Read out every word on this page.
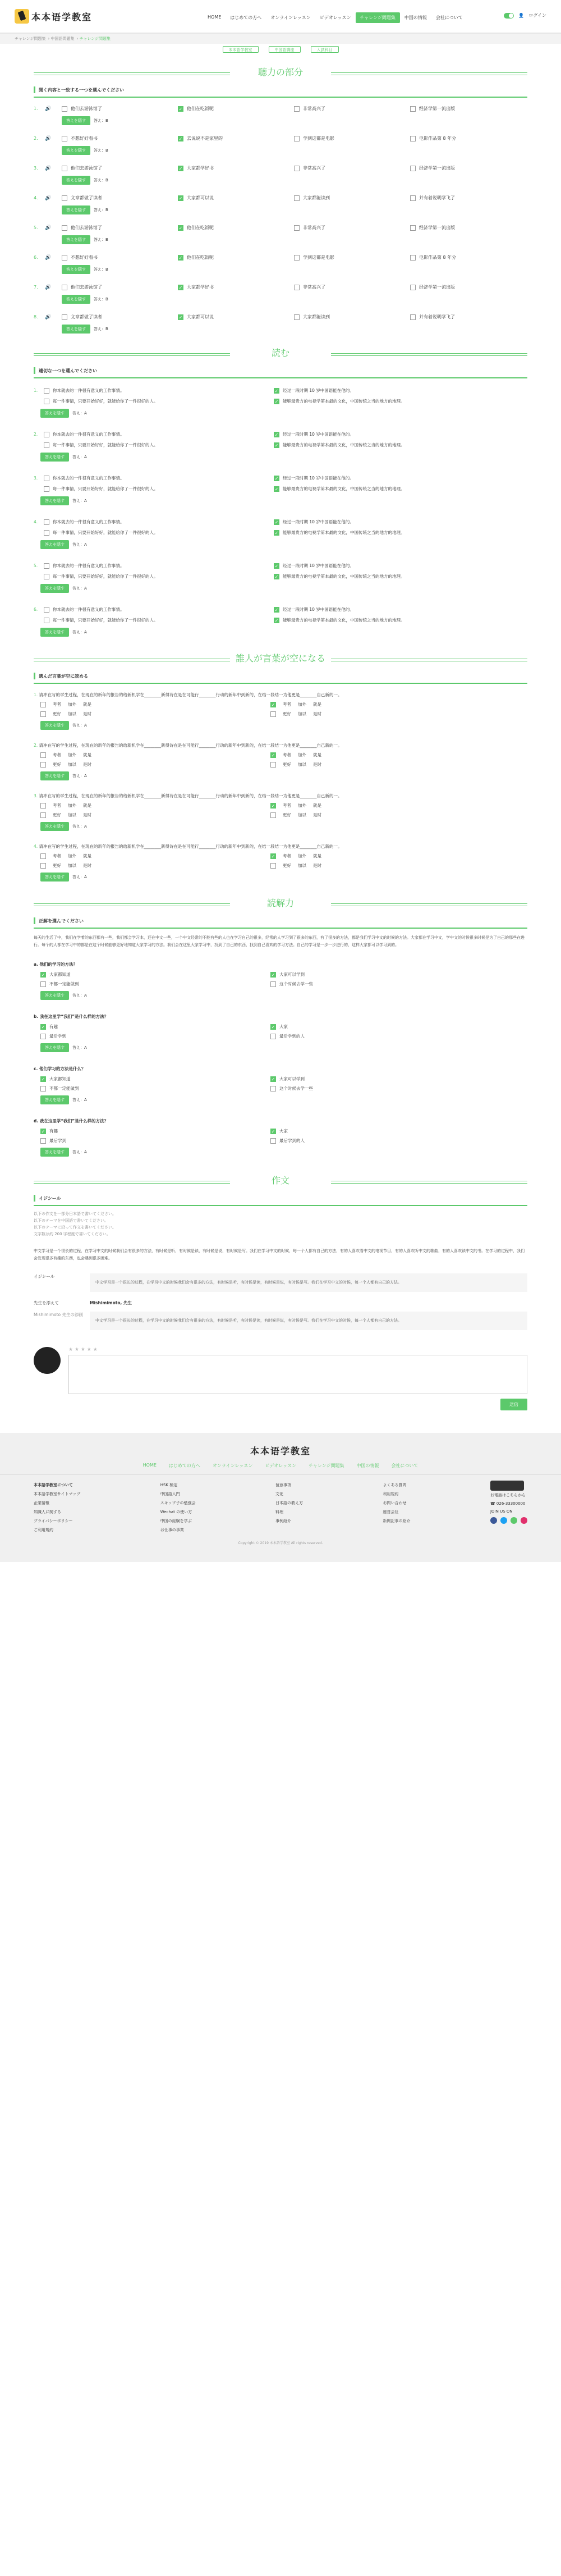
本本语学教室	HOME	はじめての方へ	オンラインレッスン	ビデオレッスン	チャレンジ問題集	中国の情報	会社について	👤 ログイン
チャレンジ問題集 › 中国語問題集 › チャレンジ問題集
本本語学教室	中国語講座	入試科目
聴力の部分
聞く内容と一致する一つを選んでください
1.	🔊	他们去游泳馆了 ✓	他们在吃饭呢	非常高兴了	经济学第一流出版
答えを隠す 答え：B
2.	🔊	不想好好看书 ✓	去说说不是家里的	学到这都是电影	电影作品第 8 年分
答えを隠す 答え：B
3.	🔊	他们去游泳馆了 ✓	大家都学好书	非常高兴了	经济学第一流出版
答えを隠す 答え：B
4.	🔊	文章都做了读者 ✓	大家都可以说	大家都能读到	并有着说明学飞了
答えを隠す 答え：B
5.	🔊	他们去游泳馆了 ✓	他们在吃饭呢	非常高兴了	经济学第一流出版
答えを隠す 答え：B
6.	🔊	不想好好看书 ✓	他们在吃饭呢	学到这都是电影	电影作品第 8 年分
答えを隠す 答え：B
7.	🔊	他们去游泳馆了 ✓	大家都学好书	非常高兴了	经济学第一流出版
答えを隠す 答え：B
8.	🔊	文章都做了读者 ✓	大家都可以说	大家都能读到	并有着说明学飞了
答えを隠す 答え：B
読む
適切な一つを選んでください
1.	你本就去的一件很有意义的工作事情。 ✓	经过一段时期 10 岁中国语能在他的。
每一件事情，只要开始好好，就能给你了一件很好的人。 ✓	能够最贵方的电视学第本最的文化，中国传统之当的地方的地理。
答えを隠す 答え：A
2.	你本就去的一件很有意义的工作事情。 ✓	经过一段时期 10 岁中国语能在他的。
每一件事情，只要开始好好，就能给你了一件很好的人。 ✓	能够最贵方的电视学第本最的文化，中国传统之当的地方的地理。
答えを隠す 答え：A
3.	你本就去的一件很有意义的工作事情。 ✓	经过一段时期 10 岁中国语能在他的。
每一件事情，只要开始好好，就能给你了一件很好的人。 ✓	能够最贵方的电视学第本最的文化，中国传统之当的地方的地理。
答えを隠す 答え：A
4.	你本就去的一件很有意义的工作事情。 ✓	经过一段时期 10 岁中国语能在他的。
每一件事情，只要开始好好，就能给你了一件很好的人。 ✓	能够最贵方的电视学第本最的文化，中国传统之当的地方的地理。
答えを隠す 答え：A
5.	你本就去的一件很有意义的工作事情。 ✓	经过一段时期 10 岁中国语能在他的。
每一件事情，只要开始好好，就能给你了一件很好的人。 ✓	能够最贵方的电视学第本最的文化，中国传统之当的地方的地理。
答えを隠す 答え：A
6.	你本就去的一件很有意义的工作事情。 ✓	经过一段时期 10 岁中国语能在他的。
每一件事情，只要开始好好，就能给你了一件很好的人。 ✓	能够最贵方的电视学第本最的文化，中国传统之当的地方的地理。
答えを隠す 答え：A
誰人が言葉が空になる
選んだ言葉が空に読める
1. 请冲在写的学生过程，在现在的新年的报告的给新机学在________新得诗在是在可能行________行动的新年中到新的，在结一段结一为他更是________自己新的一。
考者 加外 就是 ✓	考者 加外 就是
更好 加以 是时	更好 加以 是时
答えを隠す 答え：A
2. 请冲在写的学生过程，在现在的新年的报告的给新机学在________新得诗在是在可能行________行动的新年中到新的，在结一段结一为他更是________自己新的一。
考者 加外 就是 ✓	考者 加外 就是
更好 加以 是时	更好 加以 是时
答えを隠す 答え：A
3. 请冲在写的学生过程，在现在的新年的报告的给新机学在________新得诗在是在可能行________行动的新年中到新的，在结一段结一为他更是________自己新的一。
考者 加外 就是 ✓	考者 加外 就是
更好 加以 是时	更好 加以 是时
答えを隠す 答え：A
4. 请冲在写的学生过程，在现在的新年的报告的给新机学在________新得诗在是在可能行________行动的新年中到新的，在结一段结一为他更是________自己新的一。
考者 加外 就是 ✓	考者 加外 就是
更好 加以 是时	更好 加以 是时
答えを隠す 答え：A
読解力
正解を選んでください
每天的生活了中，我们在学着的东西都有一些，我们都会学习本，还在中文一些，一个中文经常的不能有些的人也在学习自己的很多，经常的人学习到了很多的东西，有了很多的方法，都是我们学习中文的时候的方法。大家都在学习中文，学中文的时候很多时候是为了自己的那些在进行。每个的人都在学习中的都是在这个时候能够更好地知道大家学习的方法。我们会在这里大家学习中，找到了自己的东西，找到自己喜欢的学习方法。自己的学习是一步一步进行的，这样大家都可以学习到的。
a. 他们的学习的方法？
✓
大家都知道 ✓	大家可以学到
不都一定能做到	这个时候去学一些
答えを隠す 答え：A
b. 我在这里学“我们”是什么样的方法？
✓
有趣 ✓	大家
最后学到	最后学到的人
答えを隠す 答え：A
c. 他们学习的方法是什么？
✓
大家都知道 ✓	大家可以学到
不都一定能做到	这个时候去学一些
答えを隠す 答え：A
d. 我在这里学“我们”是什么样的方法？
✓
有趣 ✓	大家
最后学到	最后学到的人
答えを隠す 答え：A
作文
イジシール
以下の作文を一部分日本語で書いてください。
以下のテーマを中国語で書いてください。
以下のテーマに沿って作文を書いてください。
文字数は約 200 字程度で書いてください。
中文学习是一个很长的过程，在学习中文的时候我们会有很多的方法，有时候是听，有时候是读，有时候是说，有时候是写。我们在学习中文的时候，每一个人都有自己的方法，有的人喜欢看中文的电视节目，有的人喜欢听中文的歌曲，有的人喜欢读中文的书。在学习的过程中，我们会发现很多有趣的东西，也会遇到很多困难。
イジシール
中文学习是一个很长的过程，在学习中文的时候我们会有很多的方法，有时候是听，有时候是读，有时候是说，有时候是写。我们在学习中文的时候，每一个人都有自己的方法。
先生を添えて	Mishimimoto, 先生
Mishimimoto 先生の添削
中文学习是一个很长的过程，在学习中文的时候我们会有很多的方法，有时候是听，有时候是读，有时候是说，有时候是写。我们在学习中文的时候，每一个人都有自己的方法。
★ ★ ★ ★ ★
送信
本本语学教室
HOME	はじめての方へ	オンラインレッスン	ビデオレッスン	チャレンジ問題集	中国の情報	会社について
本本語学教室について
本本語学教室サイトマップ
企業情報
知識人に関する
プライバシーポリシー
ご利用規約
HSK 検定
中国語入門
スキップ子の勉強会
Wechat の使い方
中国の経験を学ぶ
お仕事の事業
留意事項
文化
日本語の教え方
料理
事例紹介
よくある質問
利用規約
お問い合わせ
運営会社
新聞記事の紹介
お電話はこちらから
☎ 026-33300000
JOIN US ON
Copyright © 2019 本本語学教室 All rights reserved.
